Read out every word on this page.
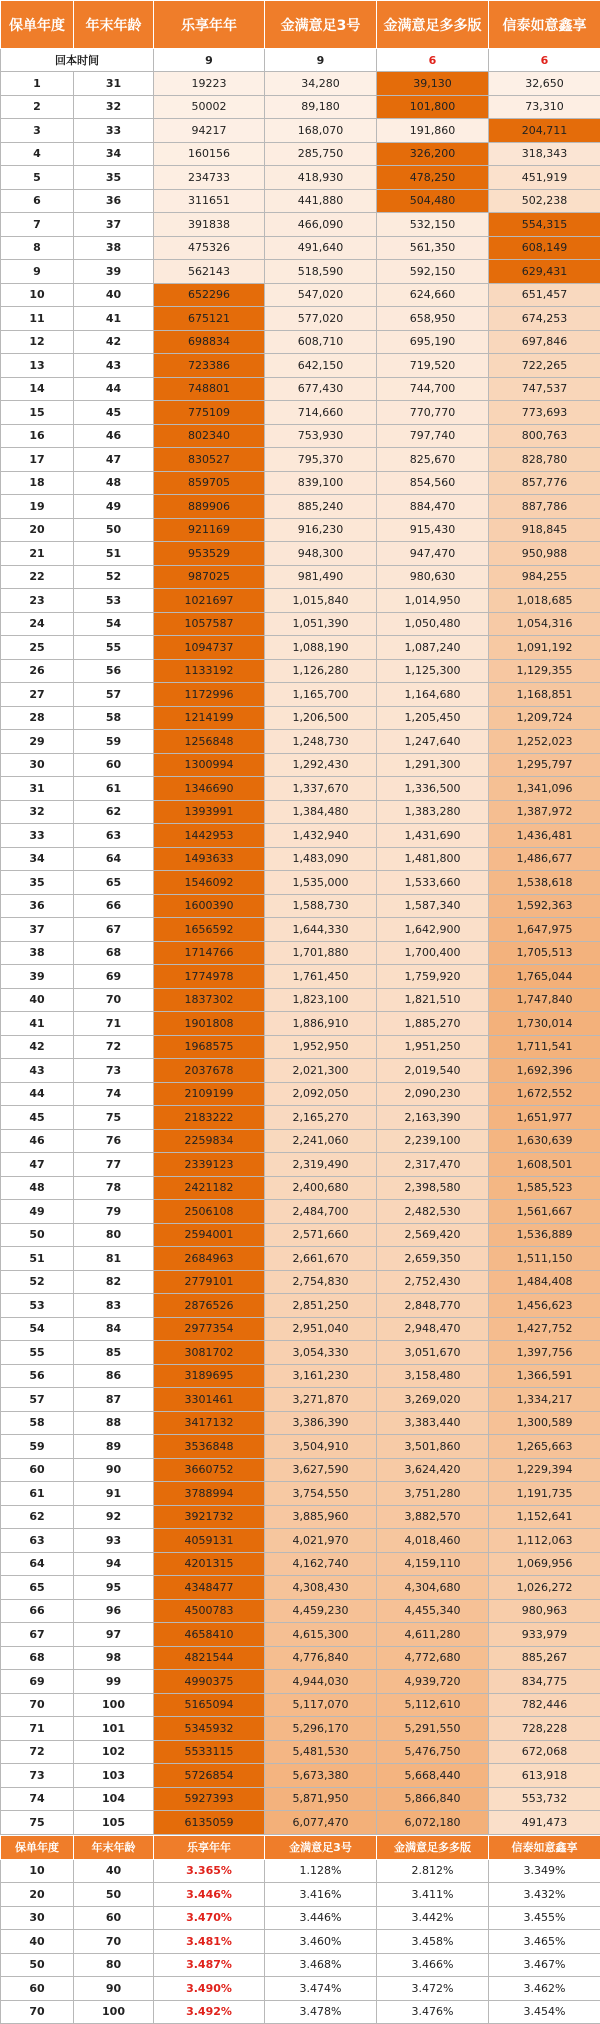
保单年度	年末年龄	乐享年年	金满意足3号	金满意足多多版	信泰如意鑫享
回本时间		9	9	6	6
1	31	19223	34,280	39,130	32,650
2	32	50002	89,180	101,800	73,310
3	33	94217	168,070	191,860	204,711
4	34	160156	285,750	326,200	318,343
5	35	234733	418,930	478,250	451,919
6	36	311651	441,880	504,480	502,238
7	37	391838	466,090	532,150	554,315
8	38	475326	491,640	561,350	608,149
9	39	562143	518,590	592,150	629,431
10	40	652296	547,020	624,660	651,457
11	41	675121	577,020	658,950	674,253
12	42	698834	608,710	695,190	697,846
13	43	723386	642,150	719,520	722,265
14	44	748801	677,430	744,700	747,537
15	45	775109	714,660	770,770	773,693
16	46	802340	753,930	797,740	800,763
17	47	830527	795,370	825,670	828,780
18	48	859705	839,100	854,560	857,776
19	49	889906	885,240	884,470	887,786
20	50	921169	916,230	915,430	918,845
21	51	953529	948,300	947,470	950,988
22	52	987025	981,490	980,630	984,255
23	53	1021697	1,015,840	1,014,950	1,018,685
24	54	1057587	1,051,390	1,050,480	1,054,316
25	55	1094737	1,088,190	1,087,240	1,091,192
26	56	1133192	1,126,280	1,125,300	1,129,355
27	57	1172996	1,165,700	1,164,680	1,168,851
28	58	1214199	1,206,500	1,205,450	1,209,724
29	59	1256848	1,248,730	1,247,640	1,252,023
30	60	1300994	1,292,430	1,291,300	1,295,797
31	61	1346690	1,337,670	1,336,500	1,341,096
32	62	1393991	1,384,480	1,383,280	1,387,972
33	63	1442953	1,432,940	1,431,690	1,436,481
34	64	1493633	1,483,090	1,481,800	1,486,677
35	65	1546092	1,535,000	1,533,660	1,538,618
36	66	1600390	1,588,730	1,587,340	1,592,363
37	67	1656592	1,644,330	1,642,900	1,647,975
38	68	1714766	1,701,880	1,700,400	1,705,513
39	69	1774978	1,761,450	1,759,920	1,765,044
40	70	1837302	1,823,100	1,821,510	1,747,840
41	71	1901808	1,886,910	1,885,270	1,730,014
42	72	1968575	1,952,950	1,951,250	1,711,541
43	73	2037678	2,021,300	2,019,540	1,692,396
44	74	2109199	2,092,050	2,090,230	1,672,552
45	75	2183222	2,165,270	2,163,390	1,651,977
46	76	2259834	2,241,060	2,239,100	1,630,639
47	77	2339123	2,319,490	2,317,470	1,608,501
48	78	2421182	2,400,680	2,398,580	1,585,523
49	79	2506108	2,484,700	2,482,530	1,561,667
50	80	2594001	2,571,660	2,569,420	1,536,889
51	81	2684963	2,661,670	2,659,350	1,511,150
52	82	2779101	2,754,830	2,752,430	1,484,408
53	83	2876526	2,851,250	2,848,770	1,456,623
54	84	2977354	2,951,040	2,948,470	1,427,752
55	85	3081702	3,054,330	3,051,670	1,397,756
56	86	3189695	3,161,230	3,158,480	1,366,591
57	87	3301461	3,271,870	3,269,020	1,334,217
58	88	3417132	3,386,390	3,383,440	1,300,589
59	89	3536848	3,504,910	3,501,860	1,265,663
60	90	3660752	3,627,590	3,624,420	1,229,394
61	91	3788994	3,754,550	3,751,280	1,191,735
62	92	3921732	3,885,960	3,882,570	1,152,641
63	93	4059131	4,021,970	4,018,460	1,112,063
64	94	4201315	4,162,740	4,159,110	1,069,956
65	95	4348477	4,308,430	4,304,680	1,026,272
66	96	4500783	4,459,230	4,455,340	980,963
67	97	4658410	4,615,300	4,611,280	933,979
68	98	4821544	4,776,840	4,772,680	885,267
69	99	4990375	4,944,030	4,939,720	834,775
70	100	5165094	5,117,070	5,112,610	782,446
71	101	5345932	5,296,170	5,291,550	728,228
72	102	5533115	5,481,530	5,476,750	672,068
73	103	5726854	5,673,380	5,668,440	613,918
74	104	5927393	5,871,950	5,866,840	553,732
75	105	6135059	6,077,470	6,072,180	491,473
保单年度	年末年龄	乐享年年	金满意足3号	金满意足多多版	信泰如意鑫享
10	40	3.365%	1.128%	2.812%	3.349%
20	50	3.446%	3.416%	3.411%	3.432%
30	60	3.470%	3.446%	3.442%	3.455%
40	70	3.481%	3.460%	3.458%	3.465%
50	80	3.487%	3.468%	3.466%	3.467%
60	90	3.490%	3.474%	3.472%	3.462%
70	100	3.492%	3.478%	3.476%	3.454%
